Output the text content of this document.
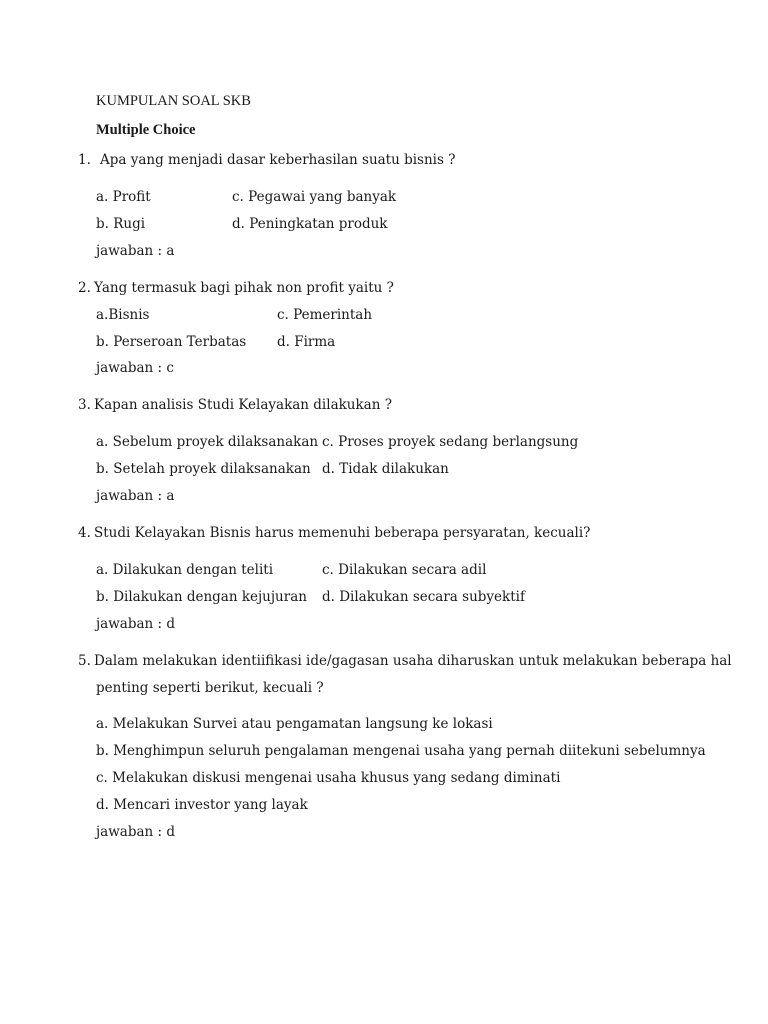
KUMPULAN SOAL SKB
Multiple Choice
1. Apa yang menjadi dasar keberhasilan suatu bisnis ?
a. Profit	c. Pegawai yang banyak
b. Rugi	d. Peningkatan produk
jawaban : a
2. Yang termasuk bagi pihak non profit yaitu ?
a.Bisnis	c. Pemerintah
b. Perseroan Terbatas d. Firma
jawaban : c
3. Kapan analisis Studi Kelayakan dilakukan ?
a. Sebelum proyek dilaksanakan c. Proses proyek sedang berlangsung
b. Setelah proyek dilaksanakan d. Tidak dilakukan
jawaban : a
4. Studi Kelayakan Bisnis harus memenuhi beberapa persyaratan, kecuali?
a. Dilakukan dengan teliti	c. Dilakukan secara adil
b. Dilakukan dengan kejujuran d. Dilakukan secara subyektif
jawaban : d
5. Dalam melakukan identiifikasi ide/gagasan usaha diharuskan untuk melakukan beberapa hal
penting seperti berikut, kecuali ?
a. Melakukan Survei atau pengamatan langsung ke lokasi
b. Menghimpun seluruh pengalaman mengenai usaha yang pernah diitekuni sebelumnya
c. Melakukan diskusi mengenai usaha khusus yang sedang diminati
d. Mencari investor yang layak
jawaban : d
